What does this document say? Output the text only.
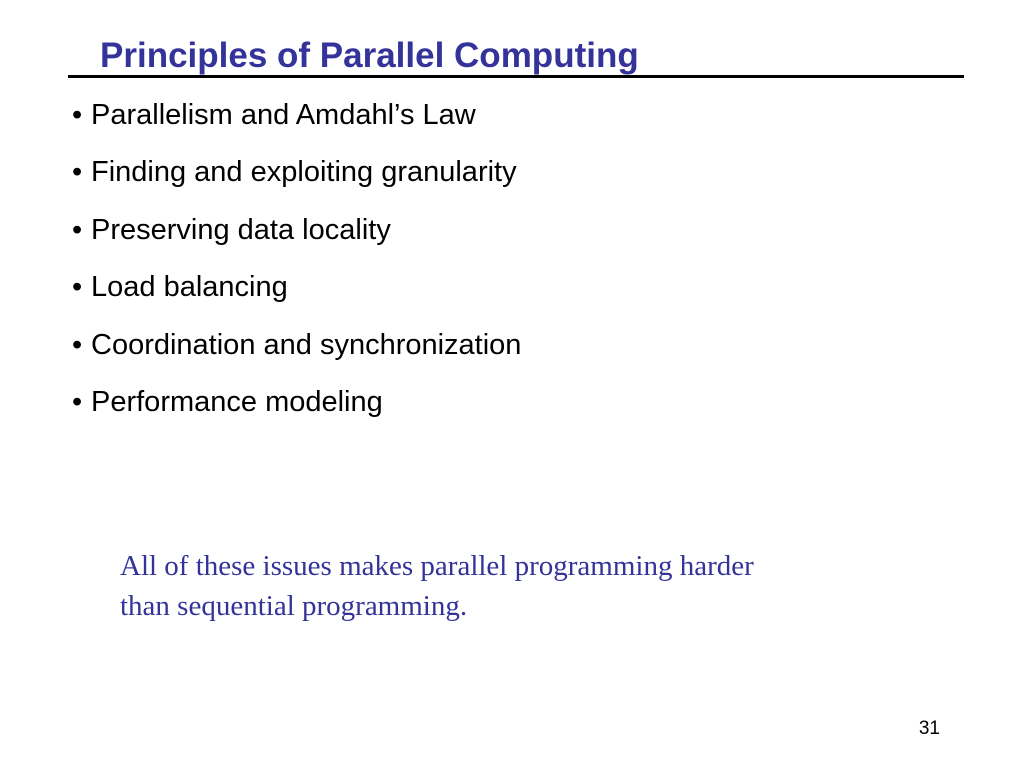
Principles of Parallel Computing
• Parallelism and Amdahl’s Law
• Finding and exploiting granularity
• Preserving data locality
• Load balancing
• Coordination and synchronization
• Performance modeling
All of these issues makes parallel programming harder
than sequential programming.
31
